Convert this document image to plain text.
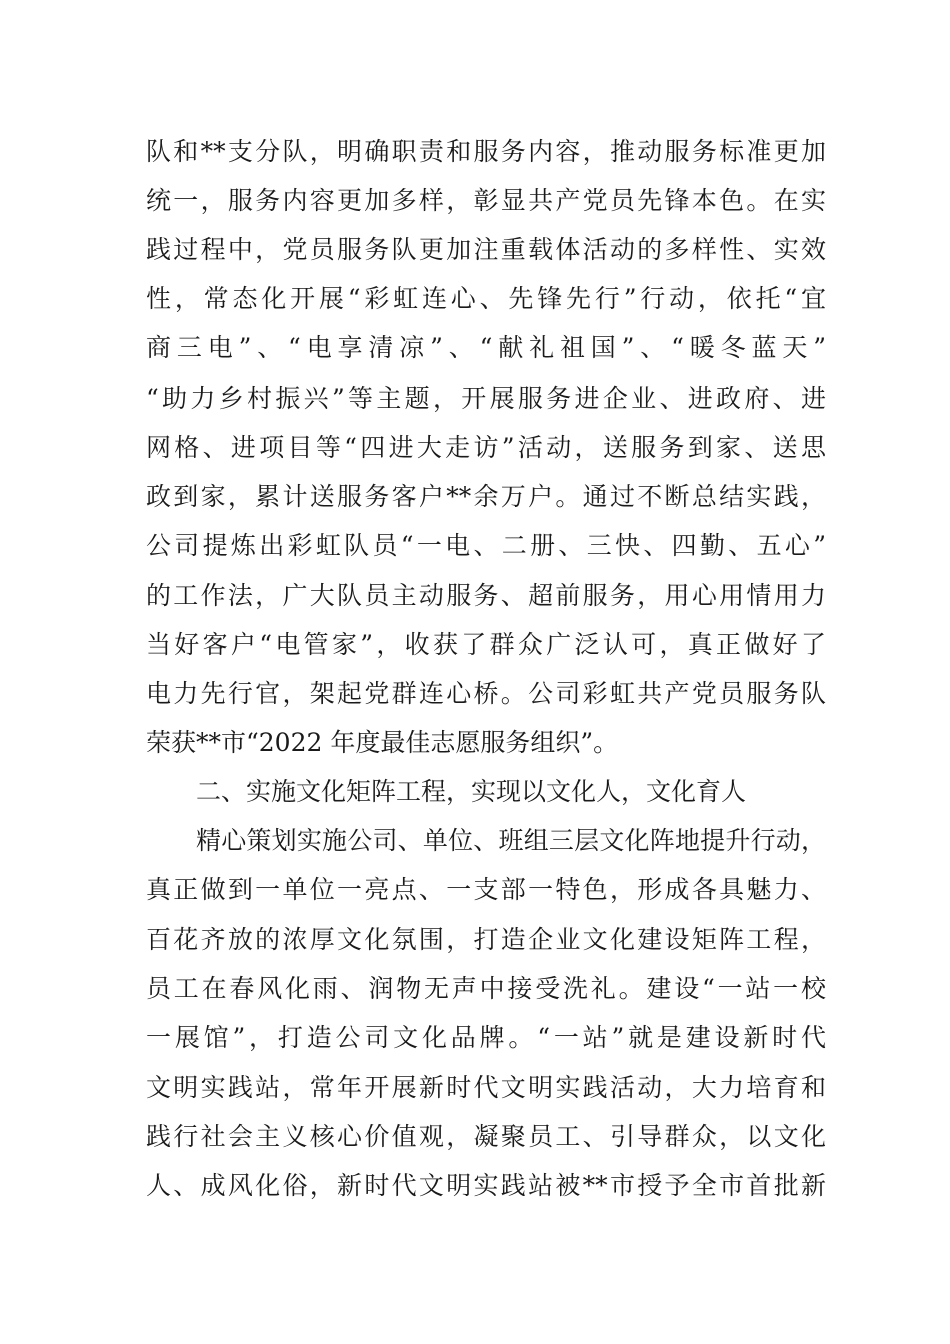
队和**支分队，明确职责和服务内容，推动服务标准更加
统一，服务内容更加多样，彰显共产党员先锋本色。在实
践过程中，党员服务队更加注重载体活动的多样性、实效
性，常态化开展“彩虹连心、先锋先行”行动，依托“宜
商三电”、“电享清凉”、“献礼祖国”、“暖冬蓝天”
“助力乡村振兴”等主题，开展服务进企业、进政府、进
网格、进项目等“四进大走访”活动，送服务到家、送思
政到家，累计送服务客户**余万户。通过不断总结实践，
公司提炼出彩虹队员“一电、二册、三快、四勤、五心”
的工作法，广大队员主动服务、超前服务，用心用情用力
当好客户“电管家”，收获了群众广泛认可，真正做好了
电力先行官，架起党群连心桥。公司彩虹共产党员服务队
荣获**市“2022 年度最佳志愿服务组织”。
二、实施文化矩阵工程，实现以文化人，文化育人
精心策划实施公司、单位、班组三层文化阵地提升行动，
真正做到一单位一亮点、一支部一特色，形成各具魅力、
百花齐放的浓厚文化氛围，打造企业文化建设矩阵工程，
员工在春风化雨、润物无声中接受洗礼。建设“一站一校
一展馆”，打造公司文化品牌。“一站”就是建设新时代
文明实践站，常年开展新时代文明实践活动，大力培育和
践行社会主义核心价值观，凝聚员工、引导群众，以文化
人、成风化俗，新时代文明实践站被**市授予全市首批新
